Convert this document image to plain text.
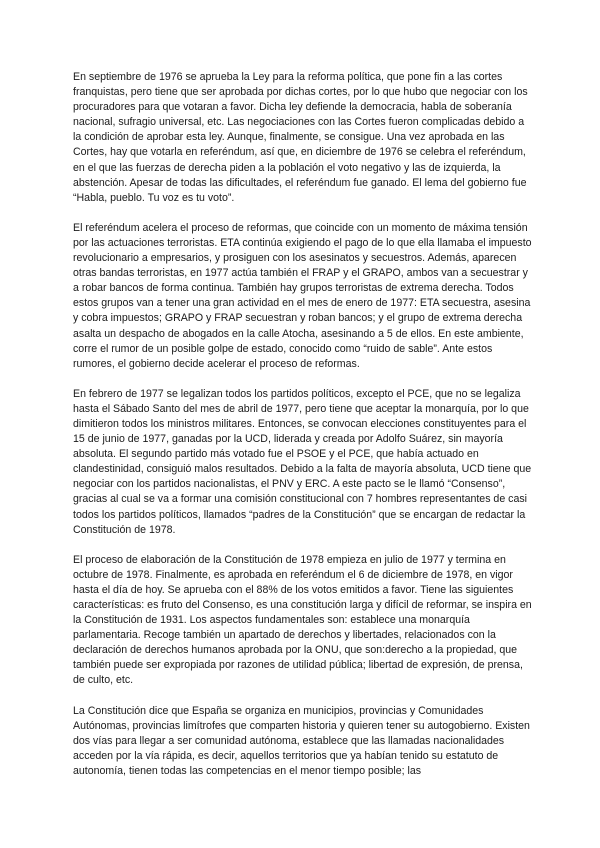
En septiembre de 1976 se aprueba la Ley para la reforma política, que pone fin a las cortes franquistas, pero tiene que ser aprobada por dichas cortes, por lo que hubo que negociar con los procuradores para que votaran a favor. Dicha ley defiende la democracia, habla de soberanía nacional, sufragio universal, etc. Las negociaciones con las Cortes fueron complicadas debido a la condición de aprobar esta ley. Aunque, finalmente, se consigue. Una vez aprobada en las Cortes, hay que votarla en referéndum, así que, en diciembre de 1976 se celebra el referéndum, en el que las fuerzas de derecha piden a la población el voto negativo y las de izquierda, la abstención. Apesar de todas las dificultades, el referéndum fue ganado. El lema del gobierno fue “Habla, pueblo. Tu voz es tu voto”.

El referéndum acelera el proceso de reformas, que coincide con un momento de máxima tensión por las actuaciones terroristas. ETA continúa exigiendo el pago de lo que ella llamaba el impuesto revolucionario a empresarios, y prosiguen con los asesinatos y secuestros. Además, aparecen otras bandas terroristas, en 1977 actúa también el FRAP y el GRAPO, ambos van a secuestrar y a robar bancos de forma continua. También hay grupos terroristas de extrema derecha. Todos estos grupos van a tener una gran actividad en el mes de enero de 1977: ETA secuestra, asesina y cobra impuestos; GRAPO y FRAP secuestran y roban bancos; y el grupo de extrema derecha asalta un despacho de abogados en la calle Atocha, asesinando a 5 de ellos. En este ambiente, corre el rumor de un posible golpe de estado, conocido como “ruido de sable”. Ante estos rumores, el gobierno decide acelerar el proceso de reformas.

En febrero de 1977 se legalizan todos los partidos políticos, excepto el PCE, que no se legaliza hasta el Sábado Santo del mes de abril de 1977, pero tiene que aceptar la monarquía, por lo que dimitieron todos los ministros militares. Entonces, se convocan elecciones constituyentes para el 15 de junio de 1977, ganadas por la UCD, liderada y creada por Adolfo Suárez, sin mayoría absoluta. El segundo partido más votado fue el PSOE y el PCE, que había actuado en clandestinidad, consiguió malos resultados. Debido a la falta de mayoría absoluta, UCD tiene que negociar con los partidos nacionalistas, el PNV y ERC. A este pacto se le llamó “Consenso”, gracias al cual se va a formar una comisión constitucional con 7 hombres representantes de casi todos los partidos políticos, llamados “padres de la Constitución” que se encargan de redactar la Constitución de 1978.

El proceso de elaboración de la Constitución de 1978 empieza en julio de 1977 y termina en octubre de 1978. Finalmente, es aprobada en referéndum el 6 de diciembre de 1978, en vigor hasta el día de hoy. Se aprueba con el 88% de los votos emitidos a favor. Tiene las siguientes características: es fruto del Consenso, es una constitución larga y difícil de reformar, se inspira en la Constitución de 1931. Los aspectos fundamentales son: establece una monarquía parlamentaria. Recoge también un apartado de derechos y libertades, relacionados con la declaración de derechos humanos aprobada por la ONU, que son:derecho a la propiedad, que también puede ser expropiada por razones de utilidad pública; libertad de expresión, de prensa, de culto, etc.

La Constitución dice que España se organiza en municipios, provincias y Comunidades Autónomas, provincias limítrofes que comparten historia y quieren tener su autogobierno. Existen dos vías para llegar a ser comunidad autónoma, establece que las llamadas nacionalidades acceden por la vía rápida, es decir, aquellos territorios que ya habían tenido su estatuto de autonomía, tienen todas las competencias en el menor tiempo posible; las
